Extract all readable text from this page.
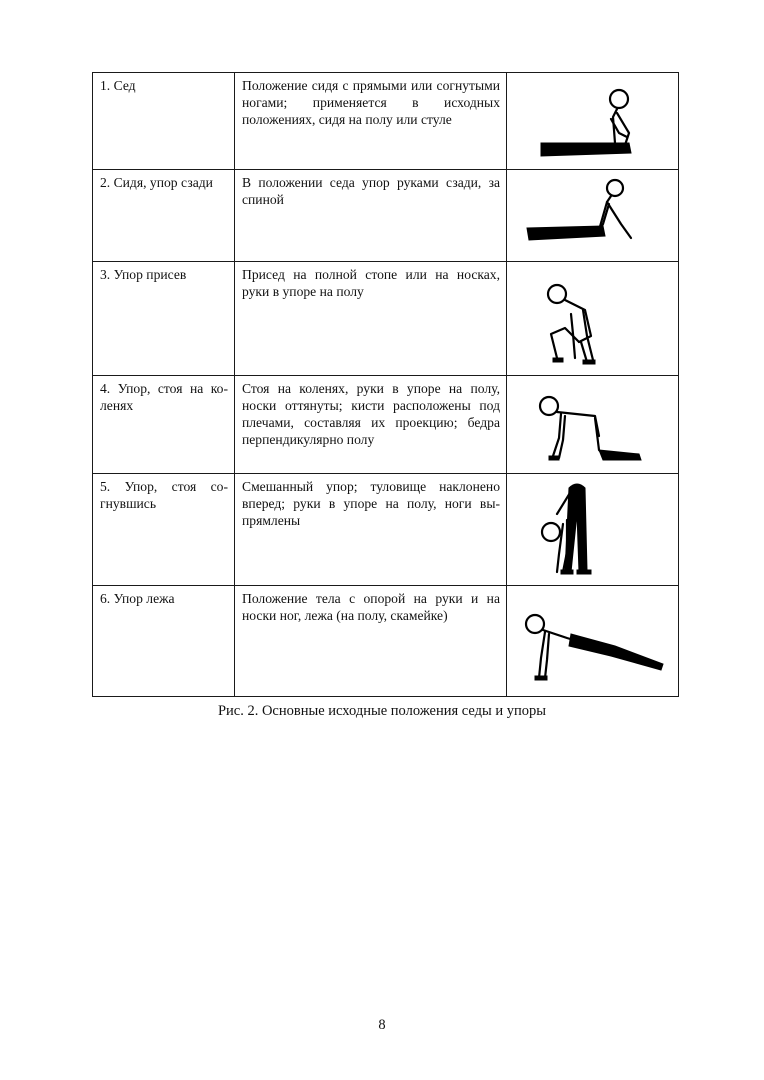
1. Сед	Положение сидя с прямыми или согнутыми ногами; применяется в исходных положениях, сидя на полу или стуле

2. Сидя, упор сзади	В положении седа упор руками сзади, за спиной

3. Упор присев	Присед на полной стопе или на носках, руки в упоре на полу

4. Упор, стоя на коленях	Стоя на коленях, руки в упоре на полу, носки оттянуты; кисти расположены под плечами, составляя их проекцию; бедра перпендикулярно полу

5. Упор, стоя согнувшись	Смешанный упор; туловище наклонено вперед; руки в упоре на полу, ноги выпрямлены

6. Упор лежа	Положение тела с опорой на руки и на носки ног, лежа (на полу, скамейке)

Рис. 2. Основные исходные положения седы и упоры
8
